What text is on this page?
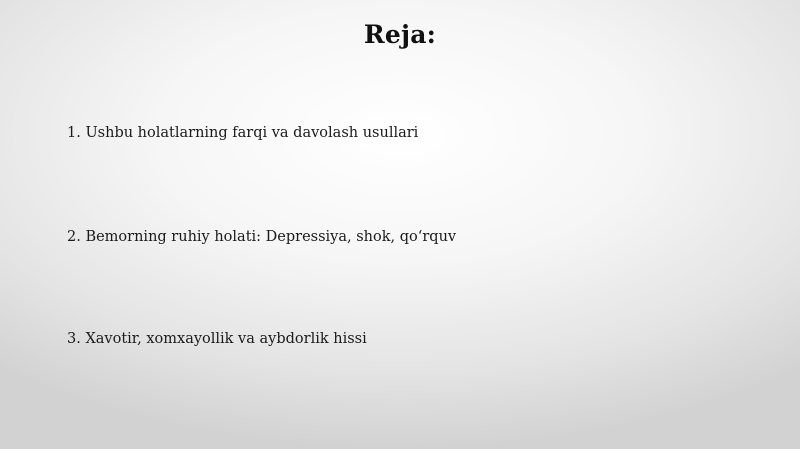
Reja:
1. Ushbu holatlarning farqi va davolash usullari
2. Bemorning ruhiy holati: Depressiya, shok, qo‘rquv
3. Xavotir, xomxayollik va aybdorlik hissi
